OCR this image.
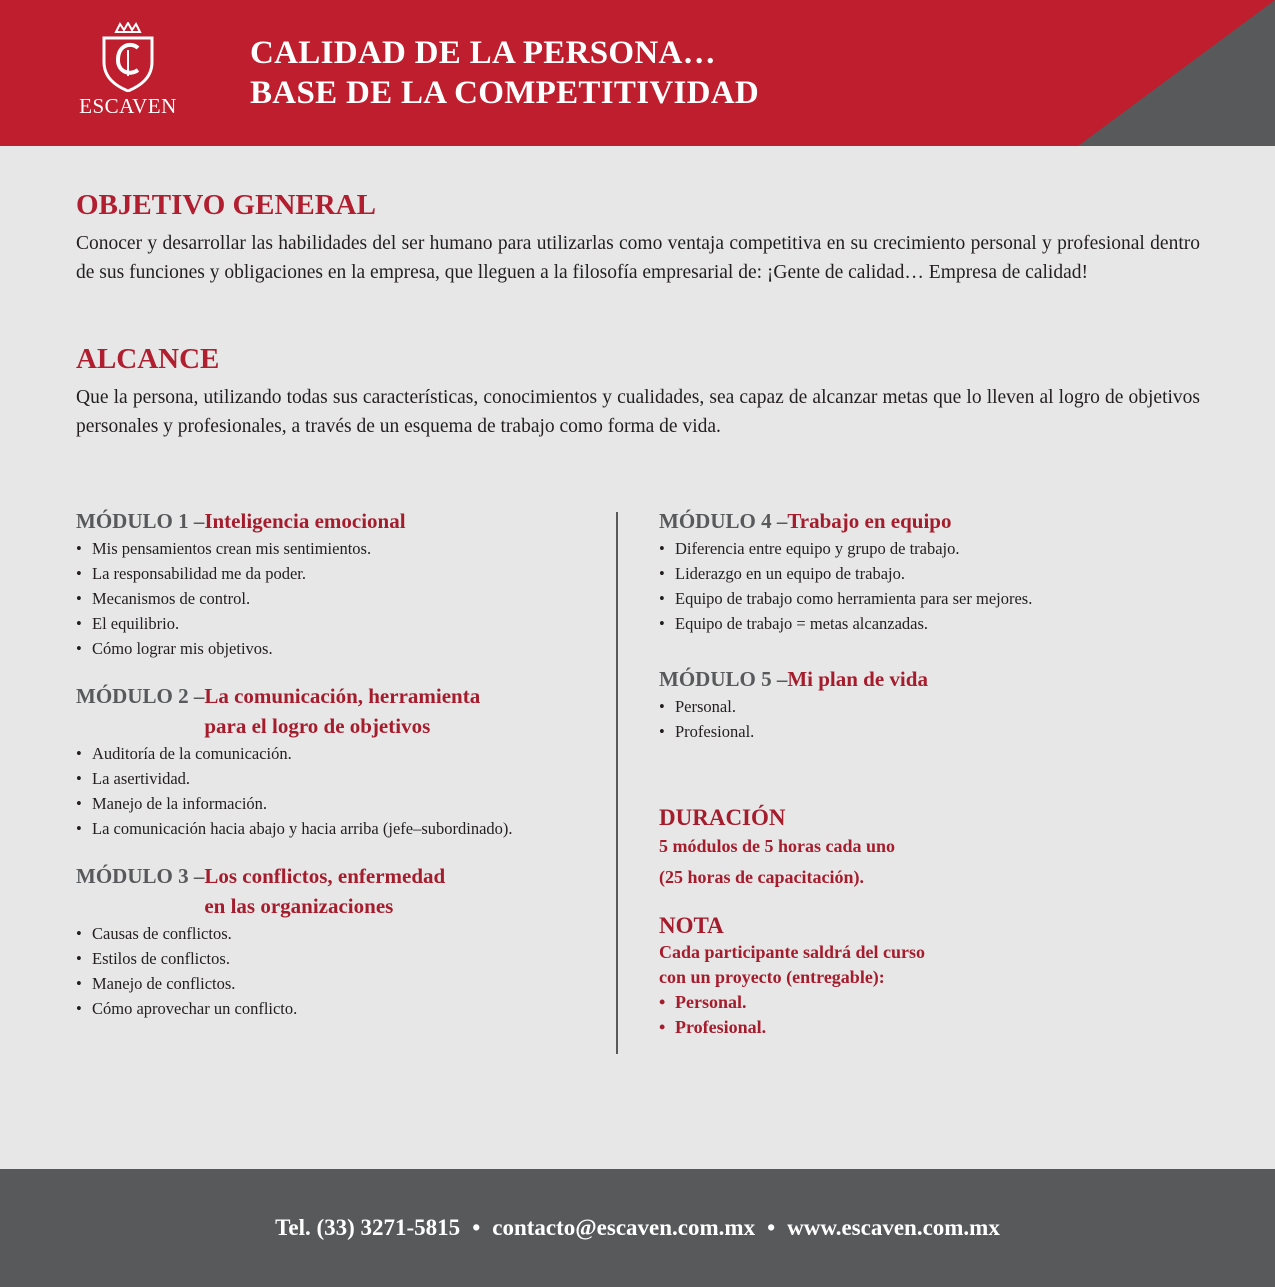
ESCAVEN
CALIDAD DE LA PERSONA…
BASE DE LA COMPETITIVIDAD
OBJETIVO GENERAL

Conocer y desarrollar las habilidades del ser humano para utilizarlas como ventaja competitiva en su crecimiento personal y profesional dentro de sus funciones y obligaciones en la empresa, que lleguen a la filosofía empresarial de: ¡Gente de calidad… Empresa de calidad!

ALCANCE

Que la persona, utilizando todas sus características, conocimientos y cualidades, sea capaz de alcanzar metas que lo lleven al logro de objetivos personales y profesionales, a través de un esquema de trabajo como forma de vida.

MÓDULO 1 – Inteligencia emocional
• Mis pensamientos crean mis sentimientos.
• La responsabilidad me da poder.
• Mecanismos de control.
• El equilibrio.
• Cómo lograr mis objetivos.
MÓDULO 2 – La comunicación, herramienta
para el logro de objetivos
• Auditoría de la comunicación.
• La asertividad.
• Manejo de la información.
• La comunicación hacia abajo y hacia arriba (jefe–subordinado).
MÓDULO 3 – Los conflictos, enfermedad
en las organizaciones
• Causas de conflictos.
• Estilos de conflictos.
• Manejo de conflictos.
• Cómo aprovechar un conflicto.
MÓDULO 4 – Trabajo en equipo
• Diferencia entre equipo y grupo de trabajo.
• Liderazgo en un equipo de trabajo.
• Equipo de trabajo como herramienta para ser mejores.
• Equipo de trabajo = metas alcanzadas.
MÓDULO 5 – Mi plan de vida
• Personal.
• Profesional.

DURACIÓN

5 módulos de 5 horas cada uno

(25 horas de capacitación).

NOTA

Cada participante saldrá del curso

con un proyecto (entregable):

• Personal.
• Profesional.
Tel. (33) 3271-5815 • contacto@escaven.com.mx • www.escaven.com.mx
